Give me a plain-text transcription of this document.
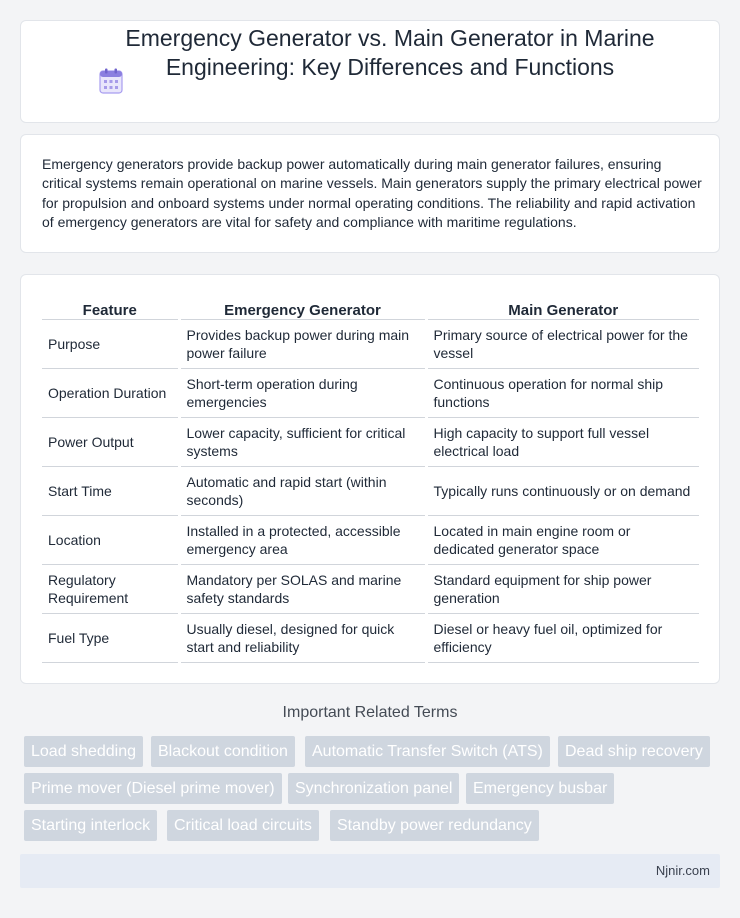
Emergency Generator vs. Main Generator in Marine Engineering: Key Differences and Functions

Emergency generators provide backup power automatically during main generator failures, ensuring critical systems remain operational on marine vessels. Main generators supply the primary electrical power for propulsion and onboard systems under normal operating conditions. The reliability and rapid activation of emergency generators are vital for safety and compliance with maritime regulations.

Feature	Emergency Generator	Main Generator
Purpose	Provides backup power during main power failure	Primary source of electrical power for the vessel
Operation Duration	Short-term operation during emergencies	Continuous operation for normal ship functions
Power Output	Lower capacity, sufficient for critical systems	High capacity to support full vessel electrical load
Start Time	Automatic and rapid start (within seconds)	Typically runs continuously or on demand
Location	Installed in a protected, accessible emergency area	Located in main engine room or dedicated generator space
Regulatory Requirement	Mandatory per SOLAS and marine safety standards	Standard equipment for ship power generation
Fuel Type	Usually diesel, designed for quick start and reliability	Diesel or heavy fuel oil, optimized for efficiency
Important Related Terms
Load shedding	Blackout condition	Automatic Transfer Switch (ATS)	Dead ship recovery
Prime mover (Diesel prime mover)	Synchronization panel	Emergency busbar
Starting interlock	Critical load circuits	Standby power redundancy
Njnir.com
